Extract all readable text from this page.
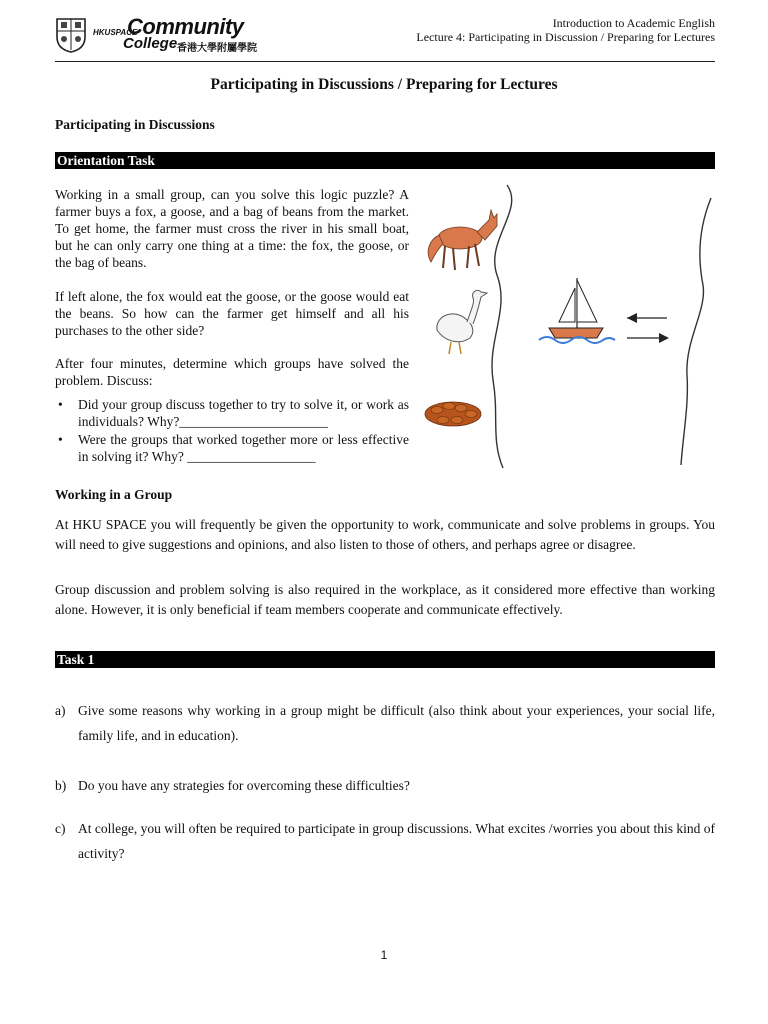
HKUSPACE
Community
College 香港大學附屬學院
Introduction to Academic English
Lecture 4: Participating in Discussion / Preparing for Lectures
Participating in Discussions / Preparing for Lectures
Participating in Discussions
Orientation Task
Working in a small group, can you solve this logic puzzle? A farmer buys a fox, a goose, and a bag of beans from the market. To get home, the farmer must cross the river in his small boat, but he can only carry one thing at a time: the fox, the goose, or the bag of beans.
If left alone, the fox would eat the goose, or the goose would eat the beans. So how can the farmer get himself and all his purchases to the other side?
After four minutes, determine which groups have solved the problem. Discuss:
• Did your group discuss together to try to solve it, or work as individuals? Why?______________________
• Were the groups that worked together more or less effective in solving it? Why? ___________________
Working in a Group
At HKU SPACE you will frequently be given the opportunity to work, communicate and solve problems in groups. You will need to give suggestions and opinions, and also listen to those of others, and perhaps agree or disagree.
Group discussion and problem solving is also required in the workplace, as it considered more effective than working alone. However, it is only beneficial if team members cooperate and communicate effectively.
Task 1
a) Give some reasons why working in a group might be difficult (also think about your experiences, your social life, family life, and in education).
b) Do you have any strategies for overcoming these difficulties?
c) At college, you will often be required to participate in group discussions. What excites /worries you about this kind of activity?
1
